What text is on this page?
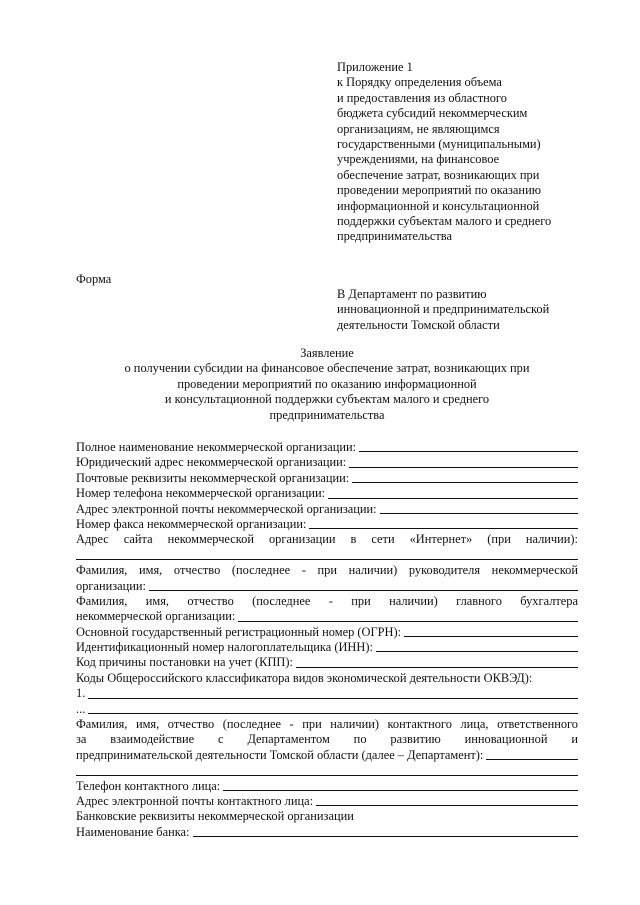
Приложение 1
к Порядку определения объема
и предоставления из областного
бюджета субсидий некоммерческим
организациям, не являющимся
государственными (муниципальными)
учреждениями, на финансовое
обеспечение затрат, возникающих при
проведении мероприятий по оказанию
информационной и консультационной
поддержки субъектам малого и среднего
предпринимательства
Форма
В Департамент по развитию
инновационной и предпринимательской
деятельности Томской области
Заявление
о получении субсидии на финансовое обеспечение затрат, возникающих при
проведении мероприятий по оказанию информационной
и консультационной поддержки субъектам малого и среднего
предпринимательства
Полное наименование некоммерческой организации:
Юридический адрес некоммерческой организации:
Почтовые реквизиты некоммерческой организации:
Номер телефона некоммерческой организации:
Адрес электронной почты некоммерческой организации:
Номер факса некоммерческой организации:
Адрес сайта некоммерческой организации в сети «Интернет» (при наличии):
Фамилия, имя, отчество (последнее - при наличии) руководителя некоммерческой
организации:
Фамилия, имя, отчество (последнее - при наличии) главного бухгалтера
некоммерческой организации:
Основной государственный регистрационный номер (ОГРН):
Идентификационный номер налогоплательщика (ИНН):
Код причины постановки на учет (КПП):
Коды Общероссийского классификатора видов экономической деятельности ОКВЭД):
1.
...
Фамилия, имя, отчество (последнее - при наличии) контактного лица, ответственного
за взаимодействие с Департаментом по развитию инновационной и
предпринимательской деятельности Томской области (далее – Департамент):
Телефон контактного лица:
Адрес электронной почты контактного лица:
Банковские реквизиты некоммерческой организации
Наименование банка:
